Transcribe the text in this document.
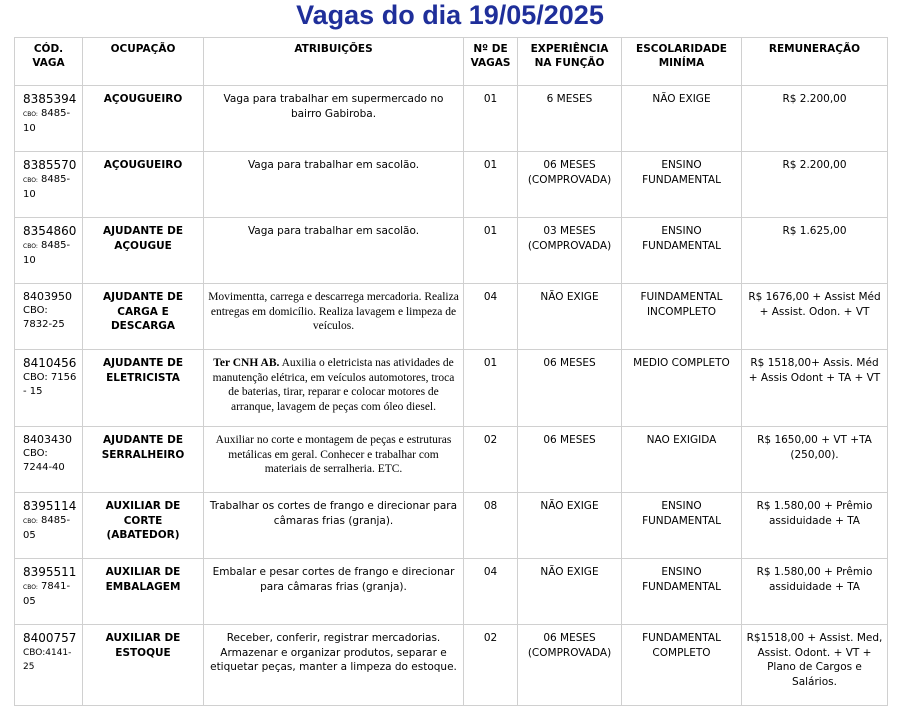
Vagas do dia 19/05/2025
CÓD. VAGA	OCUPAÇÃO	ATRIBUIÇÕES	Nº DE VAGAS	EXPERIÊNCIA NA FUNÇÃO	ESCOLARIDADE MINÍMA	REMUNERAÇÃO

8385394
CBO: 8485-10	AÇOUGUEIRO	Vaga para trabalhar em supermercado no bairro Gabiroba.	01	6 MESES	NÃO EXIGE	R$ 2.200,00

8385570
CBO: 8485-10	AÇOUGUEIRO	Vaga para trabalhar em sacolão.	01	06 MESES (COMPROVADA)	ENSINO FUNDAMENTAL	R$ 2.200,00

8354860
CBO: 8485-10	AJUDANTE DE AÇOUGUE	Vaga para trabalhar em sacolão.	01	03 MESES (COMPROVADA)	ENSINO FUNDAMENTAL	R$ 1.625,00

8403950
CBO: 7832-25	AJUDANTE DE CARGA E DESCARGA	Movimentta, carrega e descarrega mercadoria. Realiza entregas em domicílio. Realiza lavagem e limpeza de veículos.	04	NÃO EXIGE	FUINDAMENTAL INCOMPLETO	R$ 1676,00 + Assist Méd + Assist. Odon. + VT

8410456
CBO: 7156 - 15	AJUDANTE DE ELETRICISTA	Ter CNH AB. Auxilia o eletricista nas atividades de manutenção elétrica, em veículos automotores, troca de baterias, tirar, reparar e colocar motores de arranque, lavagem de peças com óleo diesel.	01	06 MESES	MEDIO COMPLETO	R$ 1518,00+ Assis. Méd + Assis Odont + TA + VT

8403430
CBO: 7244-40	AJUDANTE DE SERRALHEIRO	Auxiliar no corte e montagem de peças e estruturas metálicas em geral. Conhecer e trabalhar com materiais de serralheria. ETC.	02	06 MESES	NAO EXIGIDA	R$ 1650,00 + VT +TA (250,00).

8395114
CBO: 8485-05	AUXILIAR DE CORTE (ABATEDOR)	Trabalhar os cortes de frango e direcionar para câmaras frias (granja).	08	NÃO EXIGE	ENSINO FUNDAMENTAL	R$ 1.580,00 + Prêmio assiduidade + TA

8395511
CBO: 7841-05	AUXILIAR DE EMBALAGEM	Embalar e pesar cortes de frango e direcionar para câmaras frias (granja).	04	NÃO EXIGE	ENSINO FUNDAMENTAL	R$ 1.580,00 + Prêmio assiduidade + TA

8400757
CBO:4141-25	AUXILIAR DE ESTOQUE	Receber, conferir, registrar mercadorias. Armazenar e organizar produtos, separar e etiquetar peças, manter a limpeza do estoque.	02	06 MESES (COMPROVADA)	FUNDAMENTAL COMPLETO	R$1518,00 + Assist. Med, Assist. Odont. + VT + Plano de Cargos e Salários.
